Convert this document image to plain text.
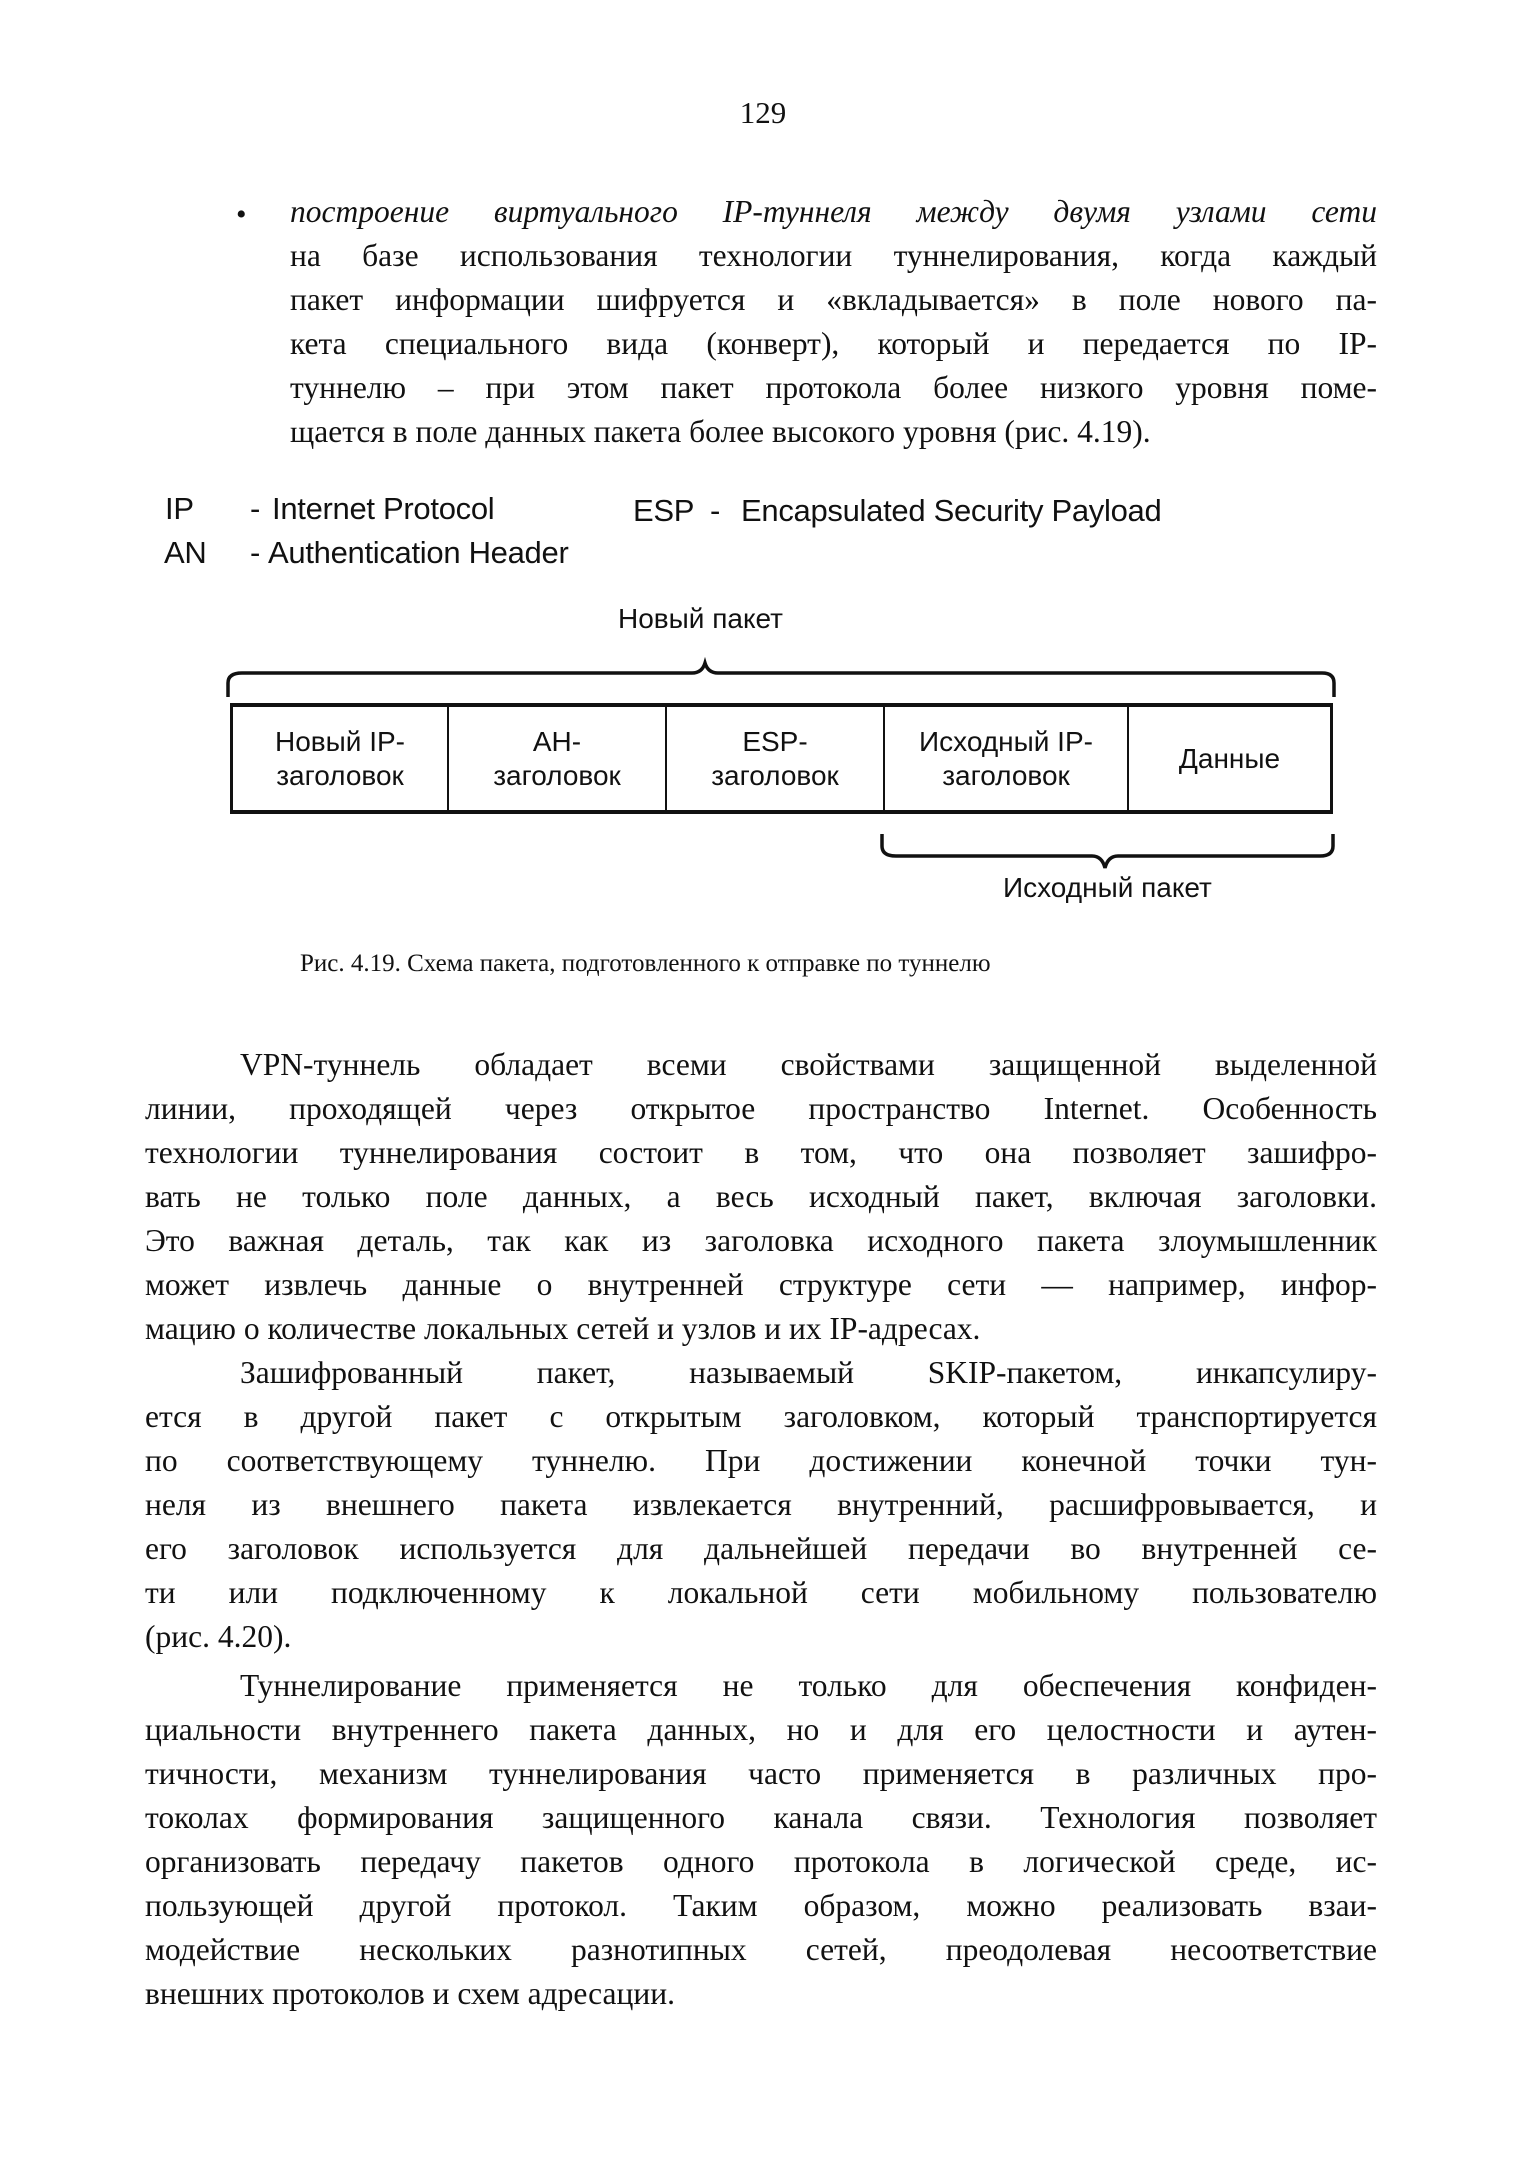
129
• построение виртуального IP-туннеля между двумя узлами сети
на базе использования технологии туннелирования, когда каждый
пакет информации шифруется и «вкладывается» в поле нового па-
кета специального вида (конверт), который и передается по IP-
туннелю – при этом пакет протокола более низкого уровня поме-
щается в поле данных пакета более высокого уровня (рис. 4.19).
IP - Internet Protocol
AN - Authentication Header
ESP - Encapsulated Security Payload
Новый пакет
Новый IP-
заголовок
AH-
заголовок
ESP-
заголовок
Исходный IP-
заголовок
Данные
Исходный пакет
Рис. 4.19. Схема пакета, подготовленного к отправке по туннелю
VPN-туннель обладает всеми свойствами защищенной выделенной
линии, проходящей через открытое пространство Internet. Особенность
технологии туннелирования состоит в том, что она позволяет зашифро-
вать не только поле данных, а весь исходный пакет, включая заголовки.
Это важная деталь, так как из заголовка исходного пакета злоумышленник
может извлечь данные о внутренней структуре сети — например, инфор-
мацию о количестве локальных сетей и узлов и их IP-адресах.
Зашифрованный пакет, называемый SKIP-пакетом, инкапсулиру-
ется в другой пакет с открытым заголовком, который транспортируется
по соответствующему туннелю. При достижении конечной точки тун-
неля из внешнего пакета извлекается внутренний, расшифровывается, и
его заголовок используется для дальнейшей передачи во внутренней се-
ти или подключенному к локальной сети мобильному пользователю
(рис. 4.20).
Туннелирование применяется не только для обеспечения конфиден-
циальности внутреннего пакета данных, но и для его целостности и аутен-
тичности, механизм туннелирования часто применяется в различных про-
токолах формирования защищенного канала связи. Технология позволяет
организовать передачу пакетов одного протокола в логической среде, ис-
пользующей другой протокол. Таким образом, можно реализовать взаи-
модействие нескольких разнотипных сетей, преодолевая несоответствие
внешних протоколов и схем адресации.
